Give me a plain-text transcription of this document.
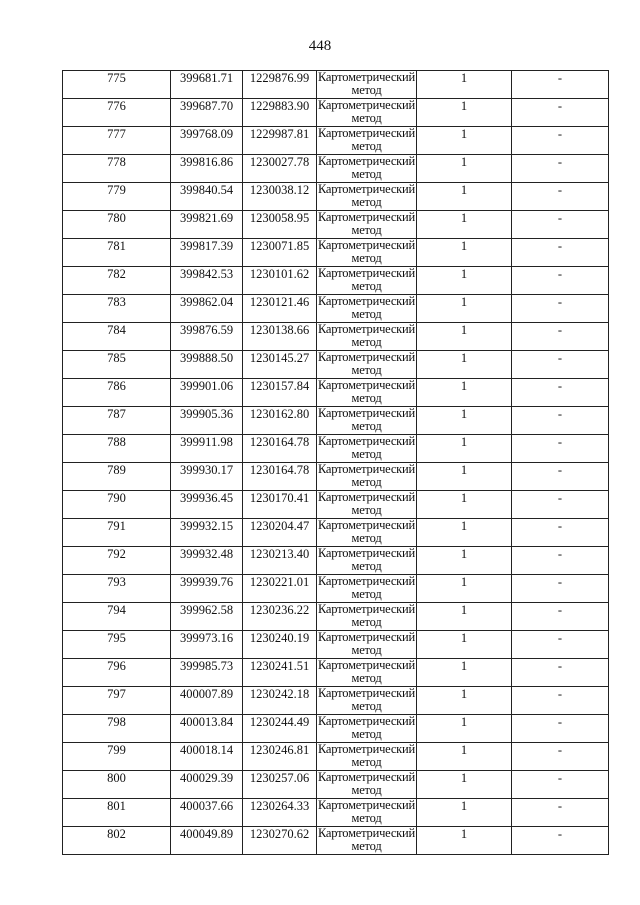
448
775	399681.71	1229876.99	Картометрический метод	1	-
776	399687.70	1229883.90	Картометрический метод	1	-
777	399768.09	1229987.81	Картометрический метод	1	-
778	399816.86	1230027.78	Картометрический метод	1	-
779	399840.54	1230038.12	Картометрический метод	1	-
780	399821.69	1230058.95	Картометрический метод	1	-
781	399817.39	1230071.85	Картометрический метод	1	-
782	399842.53	1230101.62	Картометрический метод	1	-
783	399862.04	1230121.46	Картометрический метод	1	-
784	399876.59	1230138.66	Картометрический метод	1	-
785	399888.50	1230145.27	Картометрический метод	1	-
786	399901.06	1230157.84	Картометрический метод	1	-
787	399905.36	1230162.80	Картометрический метод	1	-
788	399911.98	1230164.78	Картометрический метод	1	-
789	399930.17	1230164.78	Картометрический метод	1	-
790	399936.45	1230170.41	Картометрический метод	1	-
791	399932.15	1230204.47	Картометрический метод	1	-
792	399932.48	1230213.40	Картометрический метод	1	-
793	399939.76	1230221.01	Картометрический метод	1	-
794	399962.58	1230236.22	Картометрический метод	1	-
795	399973.16	1230240.19	Картометрический метод	1	-
796	399985.73	1230241.51	Картометрический метод	1	-
797	400007.89	1230242.18	Картометрический метод	1	-
798	400013.84	1230244.49	Картометрический метод	1	-
799	400018.14	1230246.81	Картометрический метод	1	-
800	400029.39	1230257.06	Картометрический метод	1	-
801	400037.66	1230264.33	Картометрический метод	1	-
802	400049.89	1230270.62	Картометрический метод	1	-
